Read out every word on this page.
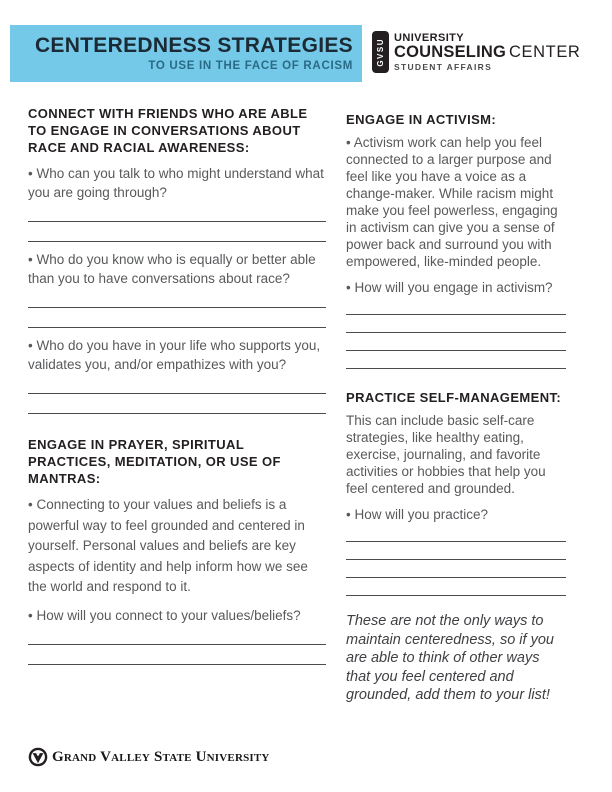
CENTEREDNESS STRATEGIES
TO USE IN THE FACE OF RACISM	GVSU
UNIVERSITY
COUNSELING CENTER
STUDENT AFFAIRS
CONNECT WITH FRIENDS WHO ARE ABLE TO ENGAGE IN CONVERSATIONS ABOUT RACE AND RACIAL AWARENESS:
• Who can you talk to who might understand what you are going through?
• Who do you know who is equally or better able than you to have conversations about race?
• Who do you have in your life who supports you, validates you, and/or empathizes with you?
ENGAGE IN PRAYER, SPIRITUAL PRACTICES, MEDITATION, OR USE OF MANTRAS:
• Connecting to your values and beliefs is a powerful way to feel grounded and centered in yourself. Personal values and beliefs are key aspects of identity and help inform how we see the world and respond to it.
• How will you connect to your values/beliefs?
ENGAGE IN ACTIVISM:
• Activism work can help you feel connected to a larger purpose and feel like you have a voice as a change-maker. While racism might make you feel powerless, engaging in activism can give you a sense of power back and surround you with empowered, like-minded people.
• How will you engage in activism?
PRACTICE SELF-MANAGEMENT:
This can include basic self-care strategies, like healthy eating, exercise, journaling, and favorite activities or hobbies that help you feel centered and grounded.
• How will you practice?
These are not the only ways to maintain centeredness, so if you are able to think of other ways that you feel centered and grounded, add them to your list!
Grand Valley State University
